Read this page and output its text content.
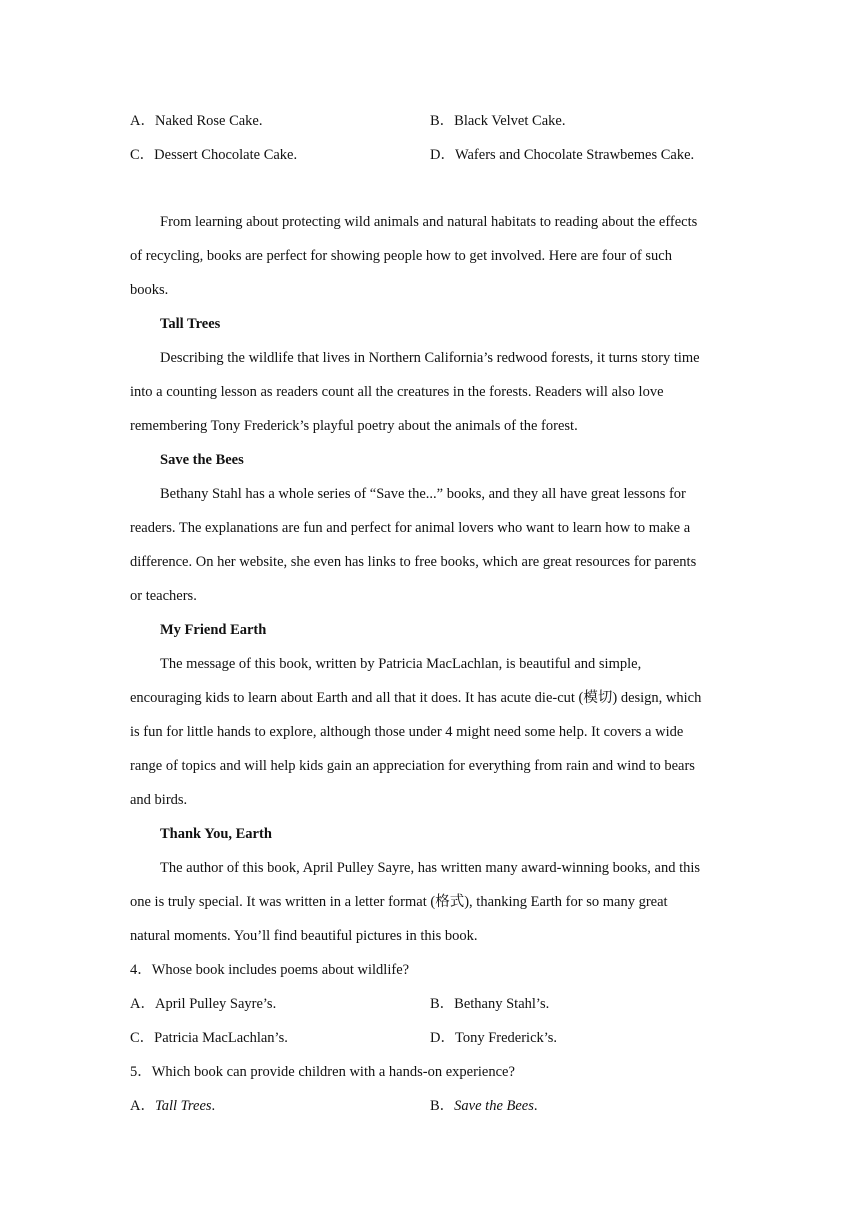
A．Naked Rose Cake.	B．Black Velvet Cake.
C．Dessert Chocolate Cake.	D．Wafers and Chocolate Strawbemes Cake.
From learning about protecting wild animals and natural habitats to reading about the effects
of recycling, books are perfect for showing people how to get involved. Here are four of such
books.
Tall Trees
Describing the wildlife that lives in Northern California’s redwood forests, it turns story time
into a counting lesson as readers count all the creatures in the forests. Readers will also love
remembering Tony Frederick’s playful poetry about the animals of the forest.
Save the Bees
Bethany Stahl has a whole series of “Save the...” books, and they all have great lessons for
readers. The explanations are fun and perfect for animal lovers who want to learn how to make a
difference. On her website, she even has links to free books, which are great resources for parents
or teachers.
My Friend Earth
The message of this book, written by Patricia MacLachlan, is beautiful and simple,
encouraging kids to learn about Earth and all that it does. It has acute die-cut (模切) design, which
is fun for little hands to explore, although those under 4 might need some help. It covers a wide
range of topics and will help kids gain an appreciation for everything from rain and wind to bears
and birds.
Thank You, Earth
The author of this book, April Pulley Sayre, has written many award-winning books, and this
one is truly special. It was written in a letter format (格式), thanking Earth for so many great
natural moments. You’ll find beautiful pictures in this book.
4．Whose book includes poems about wildlife?
A．April Pulley Sayre’s.	B．Bethany Stahl’s.
C．Patricia MacLachlan’s.	D．Tony Frederick’s.
5．Which book can provide children with a hands-on experience?
A．Tall Trees.	B．Save the Bees.
